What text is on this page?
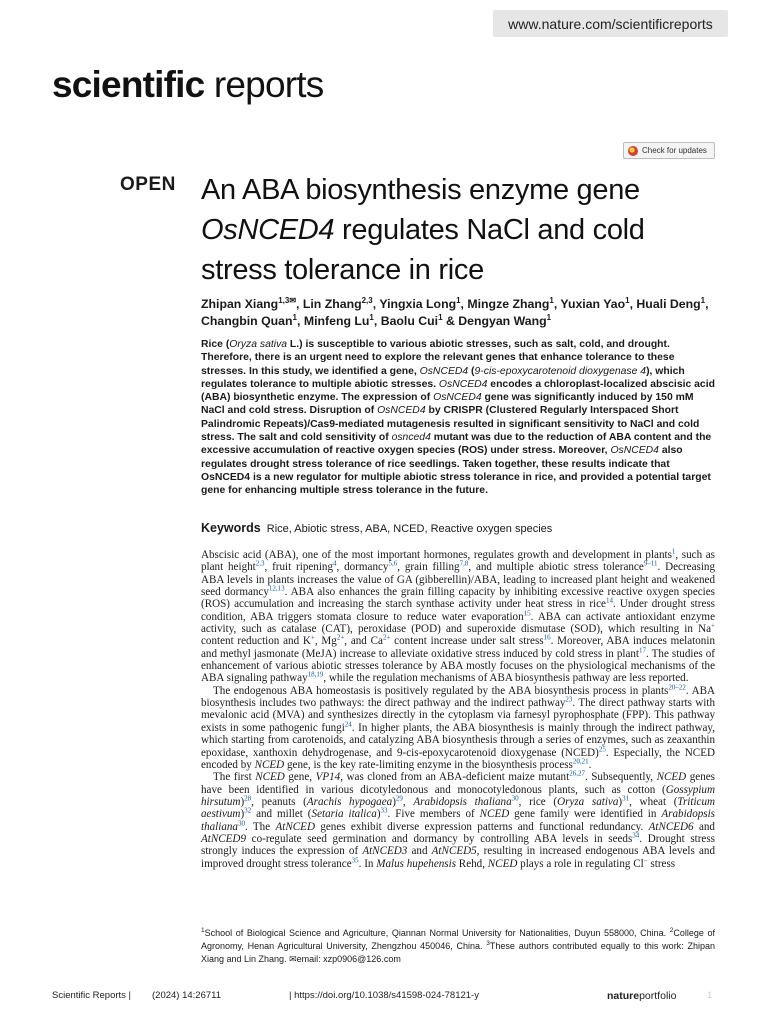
www.nature.com/scientificreports
scientific reports
Check for updates
OPEN An ABA biosynthesis enzyme gene
OsNCED4 regulates NaCl and cold
stress tolerance in rice
Zhipan Xiang$^{1,3✉}$, Lin Zhang$^{2,3}$, Yingxia Long$^1$, Mingze Zhang$^1$, Yuxian Yao$^1$, Huali Deng$^1$, Changbin Quan$^1$, Minfeng Lu$^1$, Baolu Cui$^1$ & Dengyan Wang$^1$

Rice (Oryza sativa L.) is susceptible to various abiotic stresses, such as salt, cold, and drought. Therefore, there is an urgent need to explore the relevant genes that enhance tolerance to these stresses. In this study, we identified a gene, OsNCED4 (9-cis-epoxycarotenoid dioxygenase 4), which regulates tolerance to multiple abiotic stresses. OsNCED4 encodes a chloroplast-localized abscisic acid (ABA) biosynthetic enzyme. The expression of OsNCED4 gene was significantly induced by 150 mM NaCl and cold stress. Disruption of OsNCED4 by CRISPR (Clustered Regularly Interspaced Short Palindromic Repeats)/Cas9-mediated mutagenesis resulted in significant sensitivity to NaCl and cold stress. The salt and cold sensitivity of osnced4 mutant was due to the reduction of ABA content and the excessive accumulation of reactive oxygen species (ROS) under stress. Moreover, OsNCED4 also regulates drought stress tolerance of rice seedlings. Taken together, these results indicate that OsNCED4 is a new regulator for multiple abiotic stress tolerance in rice, and provided a potential target gene for enhancing multiple stress tolerance in the future.

Keywords Rice, Abiotic stress, ABA, NCED, Reactive oxygen species

Abscisic acid (ABA), one of the most important hormones, regulates growth and development in plants$^1$, such as plant height$^{2,3}$, fruit ripening$^4$, dormancy$^{5,6}$, grain filling$^{7,8}$, and multiple abiotic stress tolerance$^{9-11}$. Decreasing ABA levels in plants increases the value of GA (gibberellin)/ABA, leading to increased plant height and weakened seed dormancy$^{12,13}$. ABA also enhances the grain filling capacity by inhibiting excessive reactive oxygen species (ROS) accumulation and increasing the starch synthase activity under heat stress in rice$^{14}$. Under drought stress condition, ABA triggers stomata closure to reduce water evaporation$^{15}$. ABA can activate antioxidant enzyme activity, such as catalase (CAT), peroxidase (POD) and superoxide dismutase (SOD), which resulting in Na+ content reduction and K+, $Mg^{2+}$, and $Ca^{2+}$ content increase under salt stress$^{16}$. Moreover, ABA induces melatonin and methyl jasmonate (MeJA) increase to alleviate oxidative stress induced by cold stress in plant$^{17}$. The studies of enhancement of various abiotic stresses tolerance by ABA mostly focuses on the physiological mechanisms of the ABA signaling pathway$^{18,19}$, while the regulation mechanisms of ABA biosynthesis pathway are less reported.

The endogenous ABA homeostasis is positively regulated by the ABA biosynthesis process in plants$^{20-22}$. ABA biosynthesis includes two pathways: the direct pathway and the indirect pathway$^{23}$. The direct pathway starts with mevalonic acid (MVA) and synthesizes directly in the cytoplasm via farnesyl pyrophosphate (FPP). This pathway exists in some pathogenic fungi$^{24}$. In higher plants, the ABA biosynthesis is mainly through the indirect pathway, which starting from carotenoids, and catalyzing ABA biosynthesis through a series of enzymes, such as zeaxanthin epoxidase, xanthoxin dehydrogenase, and 9-cis-epoxycarotenoid dioxygenase (NCED)$^{25}$. Especially, the NCED encoded by NCED gene, is the key rate-limiting enzyme in the biosynthesis process$^{20,21}$.

The first NCED gene, VP14, was cloned from an ABA-deficient maize mutant$^{26,27}$. Subsequently, NCED genes have been identified in various dicotyledonous and monocotyledonous plants, such as cotton (Gossypium hirsutum)$^{28}$, peanuts (Arachis hypogaea)$^{29}$, Arabidopsis thaliana$^{30}$, rice (Oryza sativa)$^{31}$, wheat (Triticum aestivum)$^{32}$ and millet (Setaria italica)$^{33}$. Five members of NCED gene family were identified in Arabidopsis thaliana$^{30}$. The AtNCED genes exhibit diverse expression patterns and functional redundancy. AtNCED6 and AtNCED9 co-regulate seed germination and dormancy by controlling ABA levels in seeds$^{34}$. Drought stress strongly induces the expression of AtNCED3 and AtNCED5, resulting in increased endogenous ABA levels and improved drought stress tolerance$^{35}$. In Malus hupehensis Rehd, NCED plays a role in regulating Cl− stress

$^1$School of Biological Science and Agriculture, Qiannan Normal University for Nationalities, Duyun 558000, China. $^2$College of Agronomy, Henan Agricultural University, Zhengzhou 450046, China. $^3$These authors contributed equally to this work: Zhipan Xiang and Lin Zhang. ✉email: xzp0906@126.com
Scientific Reports | (2024) 14:26711	| https://doi.org/10.1038/s41598-024-78121-y	natureportfolio	1
